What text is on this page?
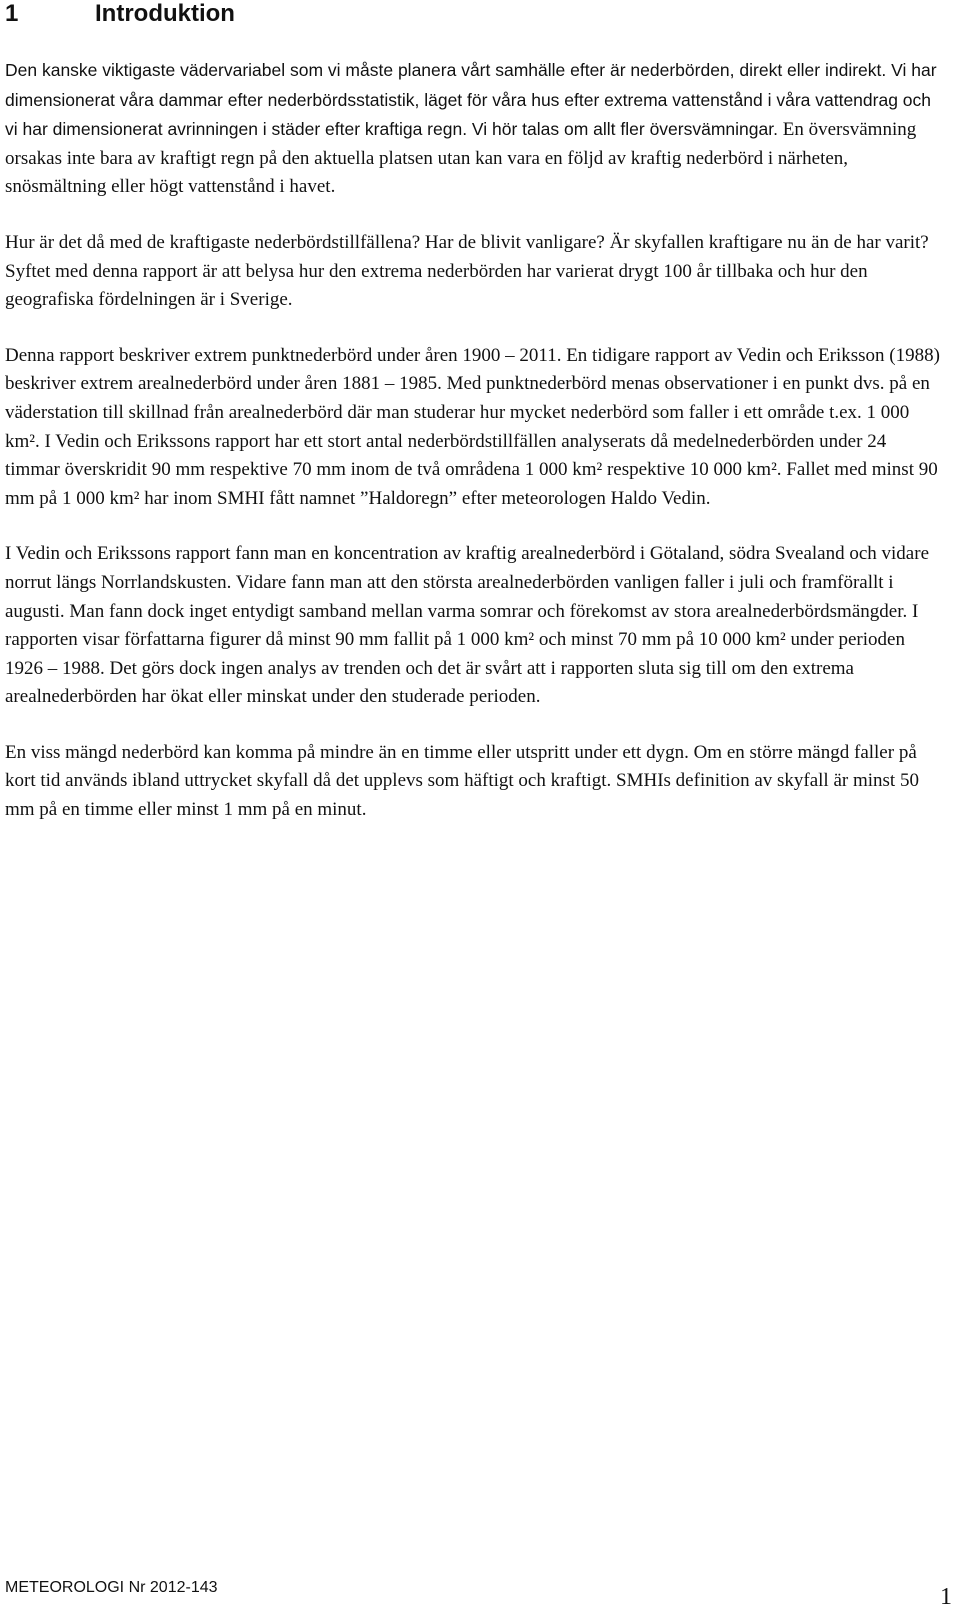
1	Introduktion

Den kanske viktigaste vädervariabel som vi måste planera vårt samhälle efter är nederbörden, direkt eller indirekt. Vi har dimensionerat våra dammar efter nederbördsstatistik, läget för våra hus efter extrema vattenstånd i våra vattendrag och vi har dimensionerat avrinningen i städer efter kraftiga regn. Vi hör talas om allt fler översvämningar. En översvämning orsakas inte bara av kraftigt regn på den aktuella platsen utan kan vara en följd av kraftig nederbörd i närheten, snösmältning eller högt vattenstånd i havet.

Hur är det då med de kraftigaste nederbördstillfällena? Har de blivit vanligare? Är skyfallen kraftigare nu än de har varit? Syftet med denna rapport är att belysa hur den extrema nederbörden har varierat drygt 100 år tillbaka och hur den geografiska fördelningen är i Sverige.

Denna rapport beskriver extrem punktnederbörd under åren 1900 – 2011. En tidigare rapport av Vedin och Eriksson (1988) beskriver extrem arealnederbörd under åren 1881 – 1985. Med punktnederbörd menas observationer i en punkt dvs. på en väderstation till skillnad från arealnederbörd där man studerar hur mycket nederbörd som faller i ett område t.ex. 1 000 km². I Vedin och Erikssons rapport har ett stort antal nederbördstillfällen analyserats då medelnederbörden under 24 timmar överskridit 90 mm respektive 70 mm inom de två områdena 1 000 km² respektive 10 000 km². Fallet med minst 90 mm på 1 000 km² har inom SMHI fått namnet ”Haldoregn” efter meteorologen Haldo Vedin.

I Vedin och Erikssons rapport fann man en koncentration av kraftig arealnederbörd i Götaland, södra Svealand och vidare norrut längs Norrlandskusten. Vidare fann man att den största arealnederbörden vanligen faller i juli och framförallt i augusti. Man fann dock inget entydigt samband mellan varma somrar och förekomst av stora arealnederbördsmängder. I rapporten visar författarna figurer då minst 90 mm fallit på 1 000 km² och minst 70 mm på 10 000 km² under perioden 1926 – 1988. Det görs dock ingen analys av trenden och det är svårt att i rapporten sluta sig till om den extrema arealnederbörden har ökat eller minskat under den studerade perioden.

En viss mängd nederbörd kan komma på mindre än en timme eller utspritt under ett dygn. Om en större mängd faller på kort tid används ibland uttrycket skyfall då det upplevs som häftigt och kraftigt. SMHIs definition av skyfall är minst 50 mm på en timme eller minst 1 mm på en minut.

METEOROLOGI Nr 2012-143	1
